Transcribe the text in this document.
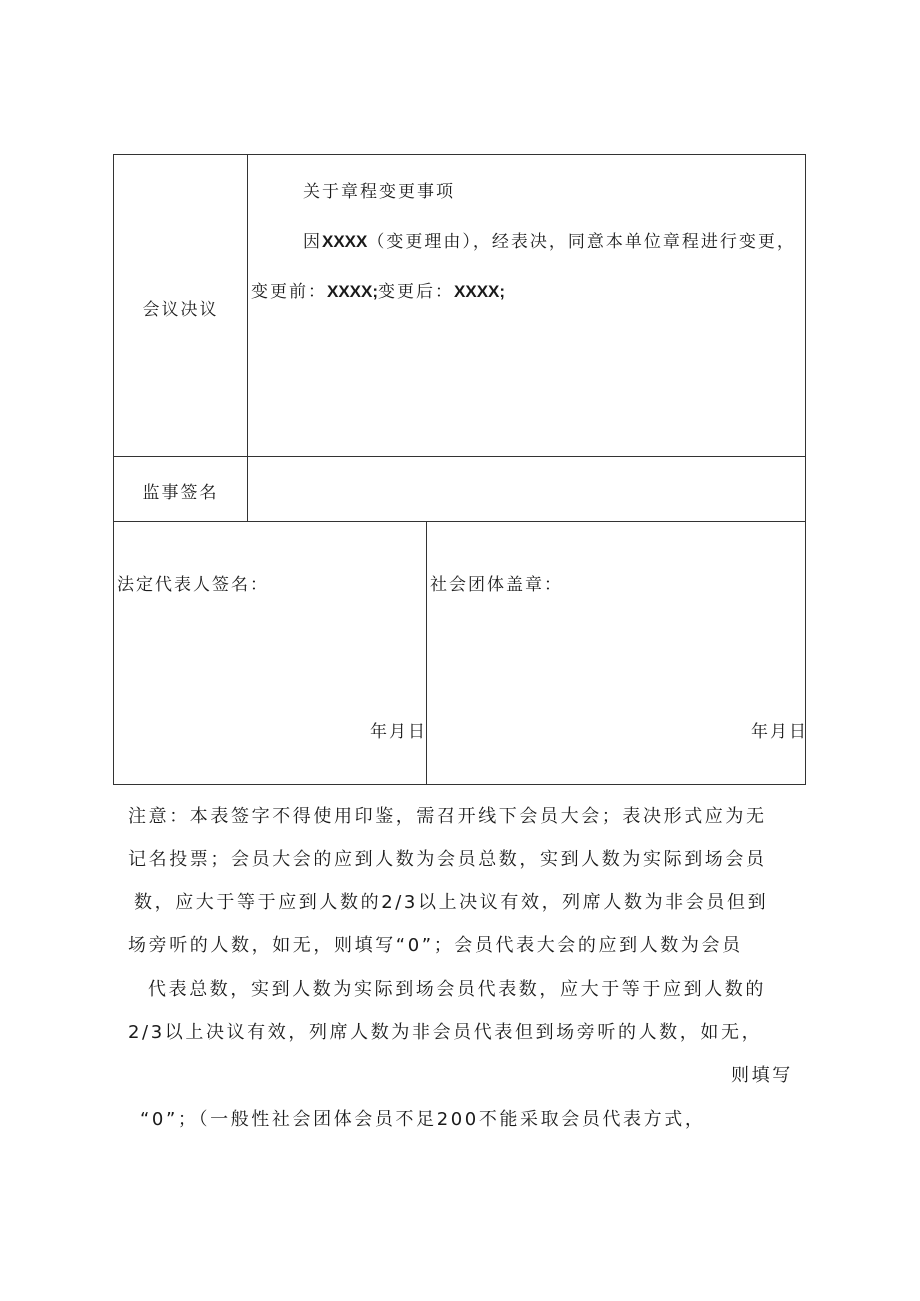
会议决议
关于章程变更事项
因XXXX（变更理由），经表决，同意本单位章程进行变更，
变更前：XXXX;变更后：XXXX;
监事签名
法定代表人签名：
年月日
社会团体盖章：
年月日
注意：本表签字不得使用印鉴，需召开线下会员大会；表决形式应为无
记名投票；会员大会的应到人数为会员总数，实到人数为实际到场会员
数，应大于等于应到人数的2/3以上决议有效，列席人数为非会员但到
场旁听的人数，如无，则填写“0”；会员代表大会的应到人数为会员
代表总数，实到人数为实际到场会员代表数，应大于等于应到人数的
2/3以上决议有效，列席人数为非会员代表但到场旁听的人数，如无，
则填写
“0”；（一般性社会团体会员不足200不能采取会员代表方式，
